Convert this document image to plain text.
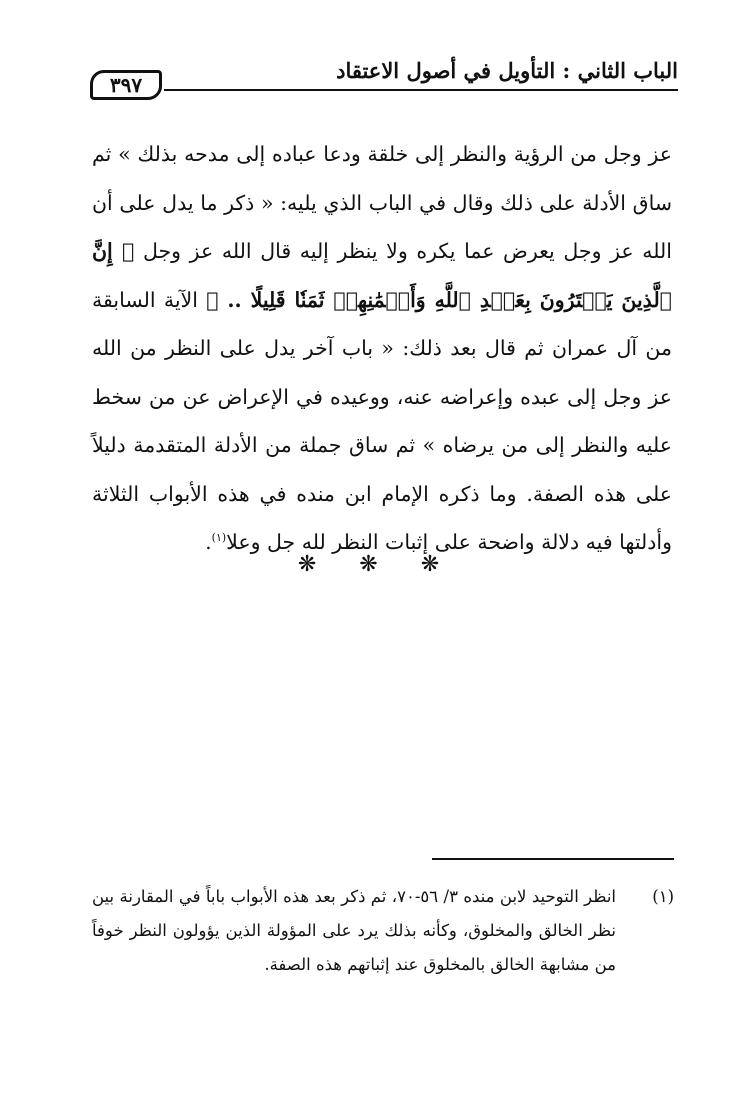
الباب الثاني : التأويل في أصول الاعتقاد
٣٩٧

عز وجل من الرؤية والنظر إلى خلقة ودعا عباده إلى مدحه بذلك » ثم ساق الأدلة على ذلك وقال في الباب الذي يليه: « ذكر ما يدل على أن الله عز وجل يعرض عما يكره ولا ينظر إليه قال الله عز وجل ﴿ إِنَّ ٱلَّذِينَ يَشۡتَرُونَ بِعَهۡدِ ٱللَّهِ وَأَيۡمَٰنِهِمۡ ثَمَنٗا قَلِيلًا .. ﴾ الآية السابقة من آل عمران ثم قال بعد ذلك: « باب آخر يدل على النظر من الله عز وجل إلى عبده وإعراضه عنه، ووعيده في الإعراض عن من سخط عليه والنظر إلى من يرضاه » ثم ساق جملة من الأدلة المتقدمة دليلاً على هذه الصفة. وما ذكره الإمام ابن منده في هذه الأبواب الثلاثة وأدلتها فيه دلالة واضحة على إثبات النظر لله جل وعلا$^{(١)}$.

❋ ❋ ❋
(١)
انظر التوحيد لابن منده ٣/ ٥٦-٧٠، ثم ذكر بعد هذه الأبواب باباً في المقارنة بين نظر الخالق والمخلوق، وكأنه بذلك يرد على المؤولة الذين يؤولون النظر خوفاً من مشابهة الخالق بالمخلوق عند إثباتهم هذه الصفة.
